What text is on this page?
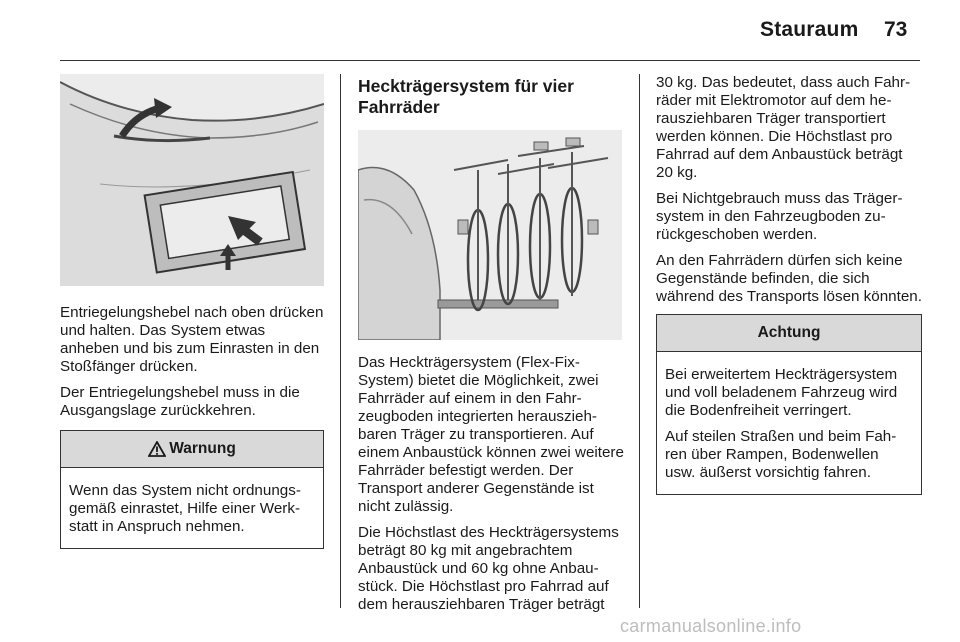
Stauraum 73

Entriegelungshebel nach oben drücken und halten. Das System etwas anheben und bis zum Einrasten in den Stoßfänger drücken.

Der Entriegelungshebel muss in die Ausgangslage zurückkehren.

Warnung

Wenn das System nicht ordnungsgemäß einrastet, Hilfe einer Werkstatt in Anspruch nehmen.

Heckträgersystem für vier Fahrräder

Das Heckträgersystem (Flex-Fix-System) bietet die Möglichkeit, zwei Fahrräder auf einem in den Fahrzeugboden integrierten herausziehbaren Träger zu transportieren. Auf einem Anbaustück können zwei weitere Fahrräder befestigt werden. Der Transport anderer Gegenstände ist nicht zulässig.

Die Höchstlast des Heckträgersystems beträgt 80 kg mit angebrachtem Anbaustück und 60 kg ohne Anbaustück. Die Höchstlast pro Fahrrad auf dem herausziehbaren Träger beträgt

30 kg. Das bedeutet, dass auch Fahrräder mit Elektromotor auf dem herausziehbaren Träger transportiert werden können. Die Höchstlast pro Fahrrad auf dem Anbaustück beträgt 20 kg.

Bei Nichtgebrauch muss das Trägersystem in den Fahrzeugboden zurückgeschoben werden.

An den Fahrrädern dürfen sich keine Gegenstände befinden, die sich während des Transports lösen könnten.

Achtung

Bei erweitertem Heckträgersystem und voll beladenem Fahrzeug wird die Bodenfreiheit verringert.

Auf steilen Straßen und beim Fahren über Rampen, Bodenwellen usw. äußerst vorsichtig fahren.

carmanualsonline.info
